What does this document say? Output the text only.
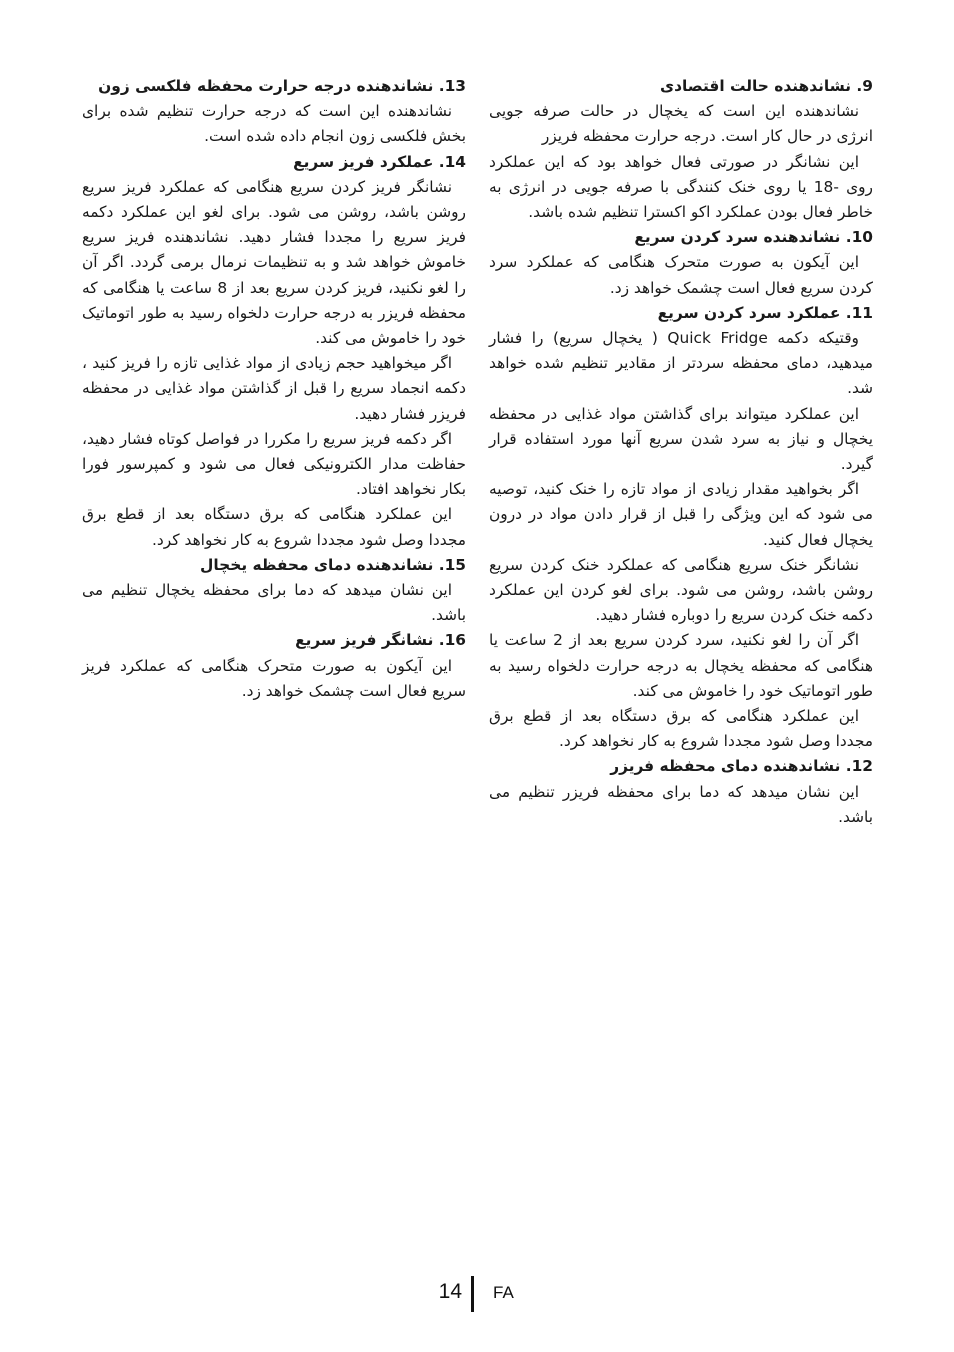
9. نشاندهنده حالت اقتصادی

نشاندهنده این است که یخچال در حالت صرفه جویی انرژی در حال کار است. درجه حرارت محفظه فریزر

این نشانگر در صورتی فعال خواهد بود که این عملکرد روی -18 یا روی خنک کنندگی با صرفه جویی در انرژی به خاطر فعال بودن عملکرد اکو اکسترا تنظیم شده باشد.

10. نشاندهنده سرد کردن سریع

این آیکون به صورت متحرک هنگامی که عملکرد سرد کردن سریع فعال است چشمک خواهد زد.

11. عملکرد سرد کردن سریع

وقتیکه دکمه Quick Fridge ( یخچال سریع) را فشار میدهید، دمای محفظه سردتر از مقادیر تنظیم شده خواهد شد.

این عملکرد میتواند برای گذاشتن مواد غذایی در محفظه یخچال و نیاز به سرد شدن سریع آنها مورد استفاده قرار گیرد.

اگر بخواهید مقدار زیادی از مواد تازه را خنک کنید، توصیه می شود که این ویژگی را قبل از قرار دادن مواد در درون یخچال فعال کنید.

نشانگر خنک سریع هنگامی که عملکرد خنک کردن سریع روشن باشد، روشن می شود. برای لغو کردن این عملکرد دکمه خنک کردن سریع را دوباره فشار دهید.

اگر آن را لغو نکنید، سرد کردن سریع بعد از 2 ساعت یا هنگامی که محفظه یخچال به درجه حرارت دلخواه رسید به طور اتوماتیک خود را خاموش می کند.

این عملکرد هنگامی که برق دستگاه بعد از قطع برق مجددا وصل شود مجددا شروع به کار نخواهد کرد.

12. نشاندهنده دمای محفظه فریزر

این نشان میدهد که دما برای محفظه فریزر تنظیم می باشد.

13. نشاندهنده درجه حرارت محفظه فلکسی زون

نشاندهنده این است که درجه حرارت تنظیم شده برای بخش فلکسی زون انجام داده شده است.

14. عملکرد فریز سریع

نشانگر فریز کردن سریع هنگامی که عملکرد فریز سریع روشن باشد، روشن می شود. برای لغو این عملکرد دکمه فریز سریع را مجددا فشار دهید. نشاندهنده فریز سریع خاموش خواهد شد و به تنظیمات نرمال برمی گردد. اگر آن را لغو نکنید، فریز کردن سریع بعد از 8 ساعت یا هنگامی که محفظه فریزر به درجه حرارت دلخواه رسید به طور اتوماتیک خود را خاموش می کند.

اگر میخواهید حجم زیادی از مواد غذایی تازه را فریز کنید ، دکمه انجماد سریع را قبل از گذاشتن مواد غذایی در محفظه فریزر فشار دهید.

اگر دکمه فریز سریع را مکررا در فواصل کوتاه فشار دهید، حفاظت مدار الکترونیکی فعال می شود و کمپرسور فورا بکار نخواهد افتاد.

این عملکرد هنگامی که برق دستگاه بعد از قطع برق مجددا وصل شود مجددا شروع به کار نخواهد کرد.

15. نشاندهنده دمای محفظه یخچال

این نشان میدهد که دما برای محفظه یخچال تنظیم می باشد.

16. نشانگر فریز سریع

این آیکون به صورت متحرک هنگامی که عملکرد فریز سریع فعال است چشمک خواهد زد.

14 FA
